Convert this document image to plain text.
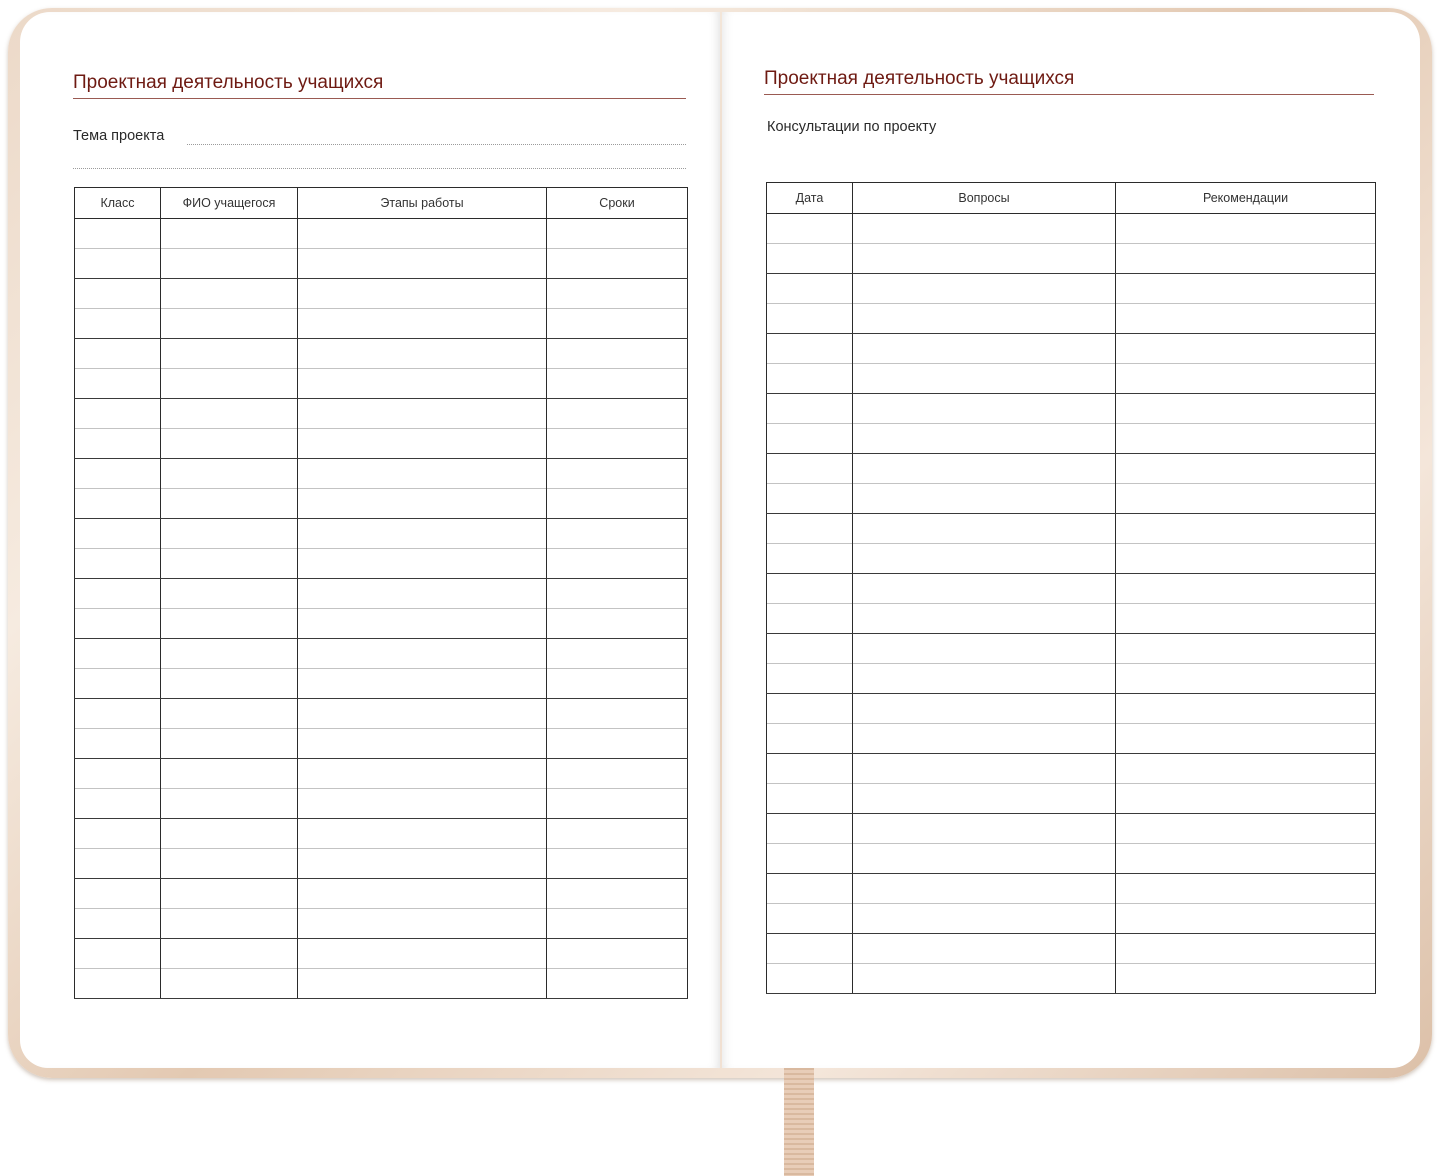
Проектная деятельность учащихся
Тема проекта
Класс	ФИО учащегося	Этапы работы	Сроки

Проектная деятельность учащихся
Консультации по проекту
Дата	Вопросы	Рекомендации
